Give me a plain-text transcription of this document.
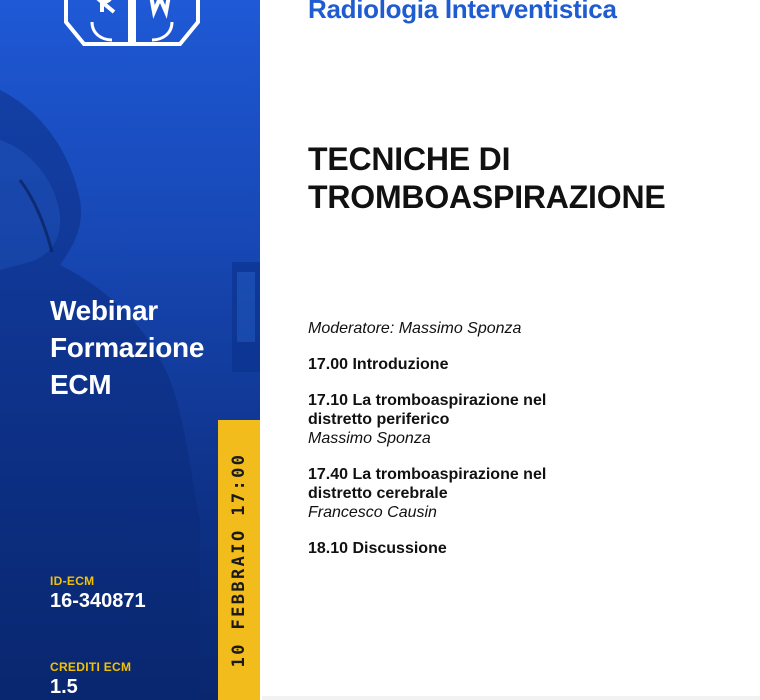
Webinar
Formazione
ECM
ID-ECM
16-340871
CREDITI ECM
1.5
10 FEBBRAIO 17:00
Radiologia Interventistica
TECNICHE DI
TROMBOASPIRAZIONE
Moderatore: Massimo Sponza
17.00 Introduzione
17.10 La tromboaspirazione nel
distretto periferico
Massimo Sponza
17.40 La tromboaspirazione nel
distretto cerebrale
Francesco Causin
18.10 Discussione
